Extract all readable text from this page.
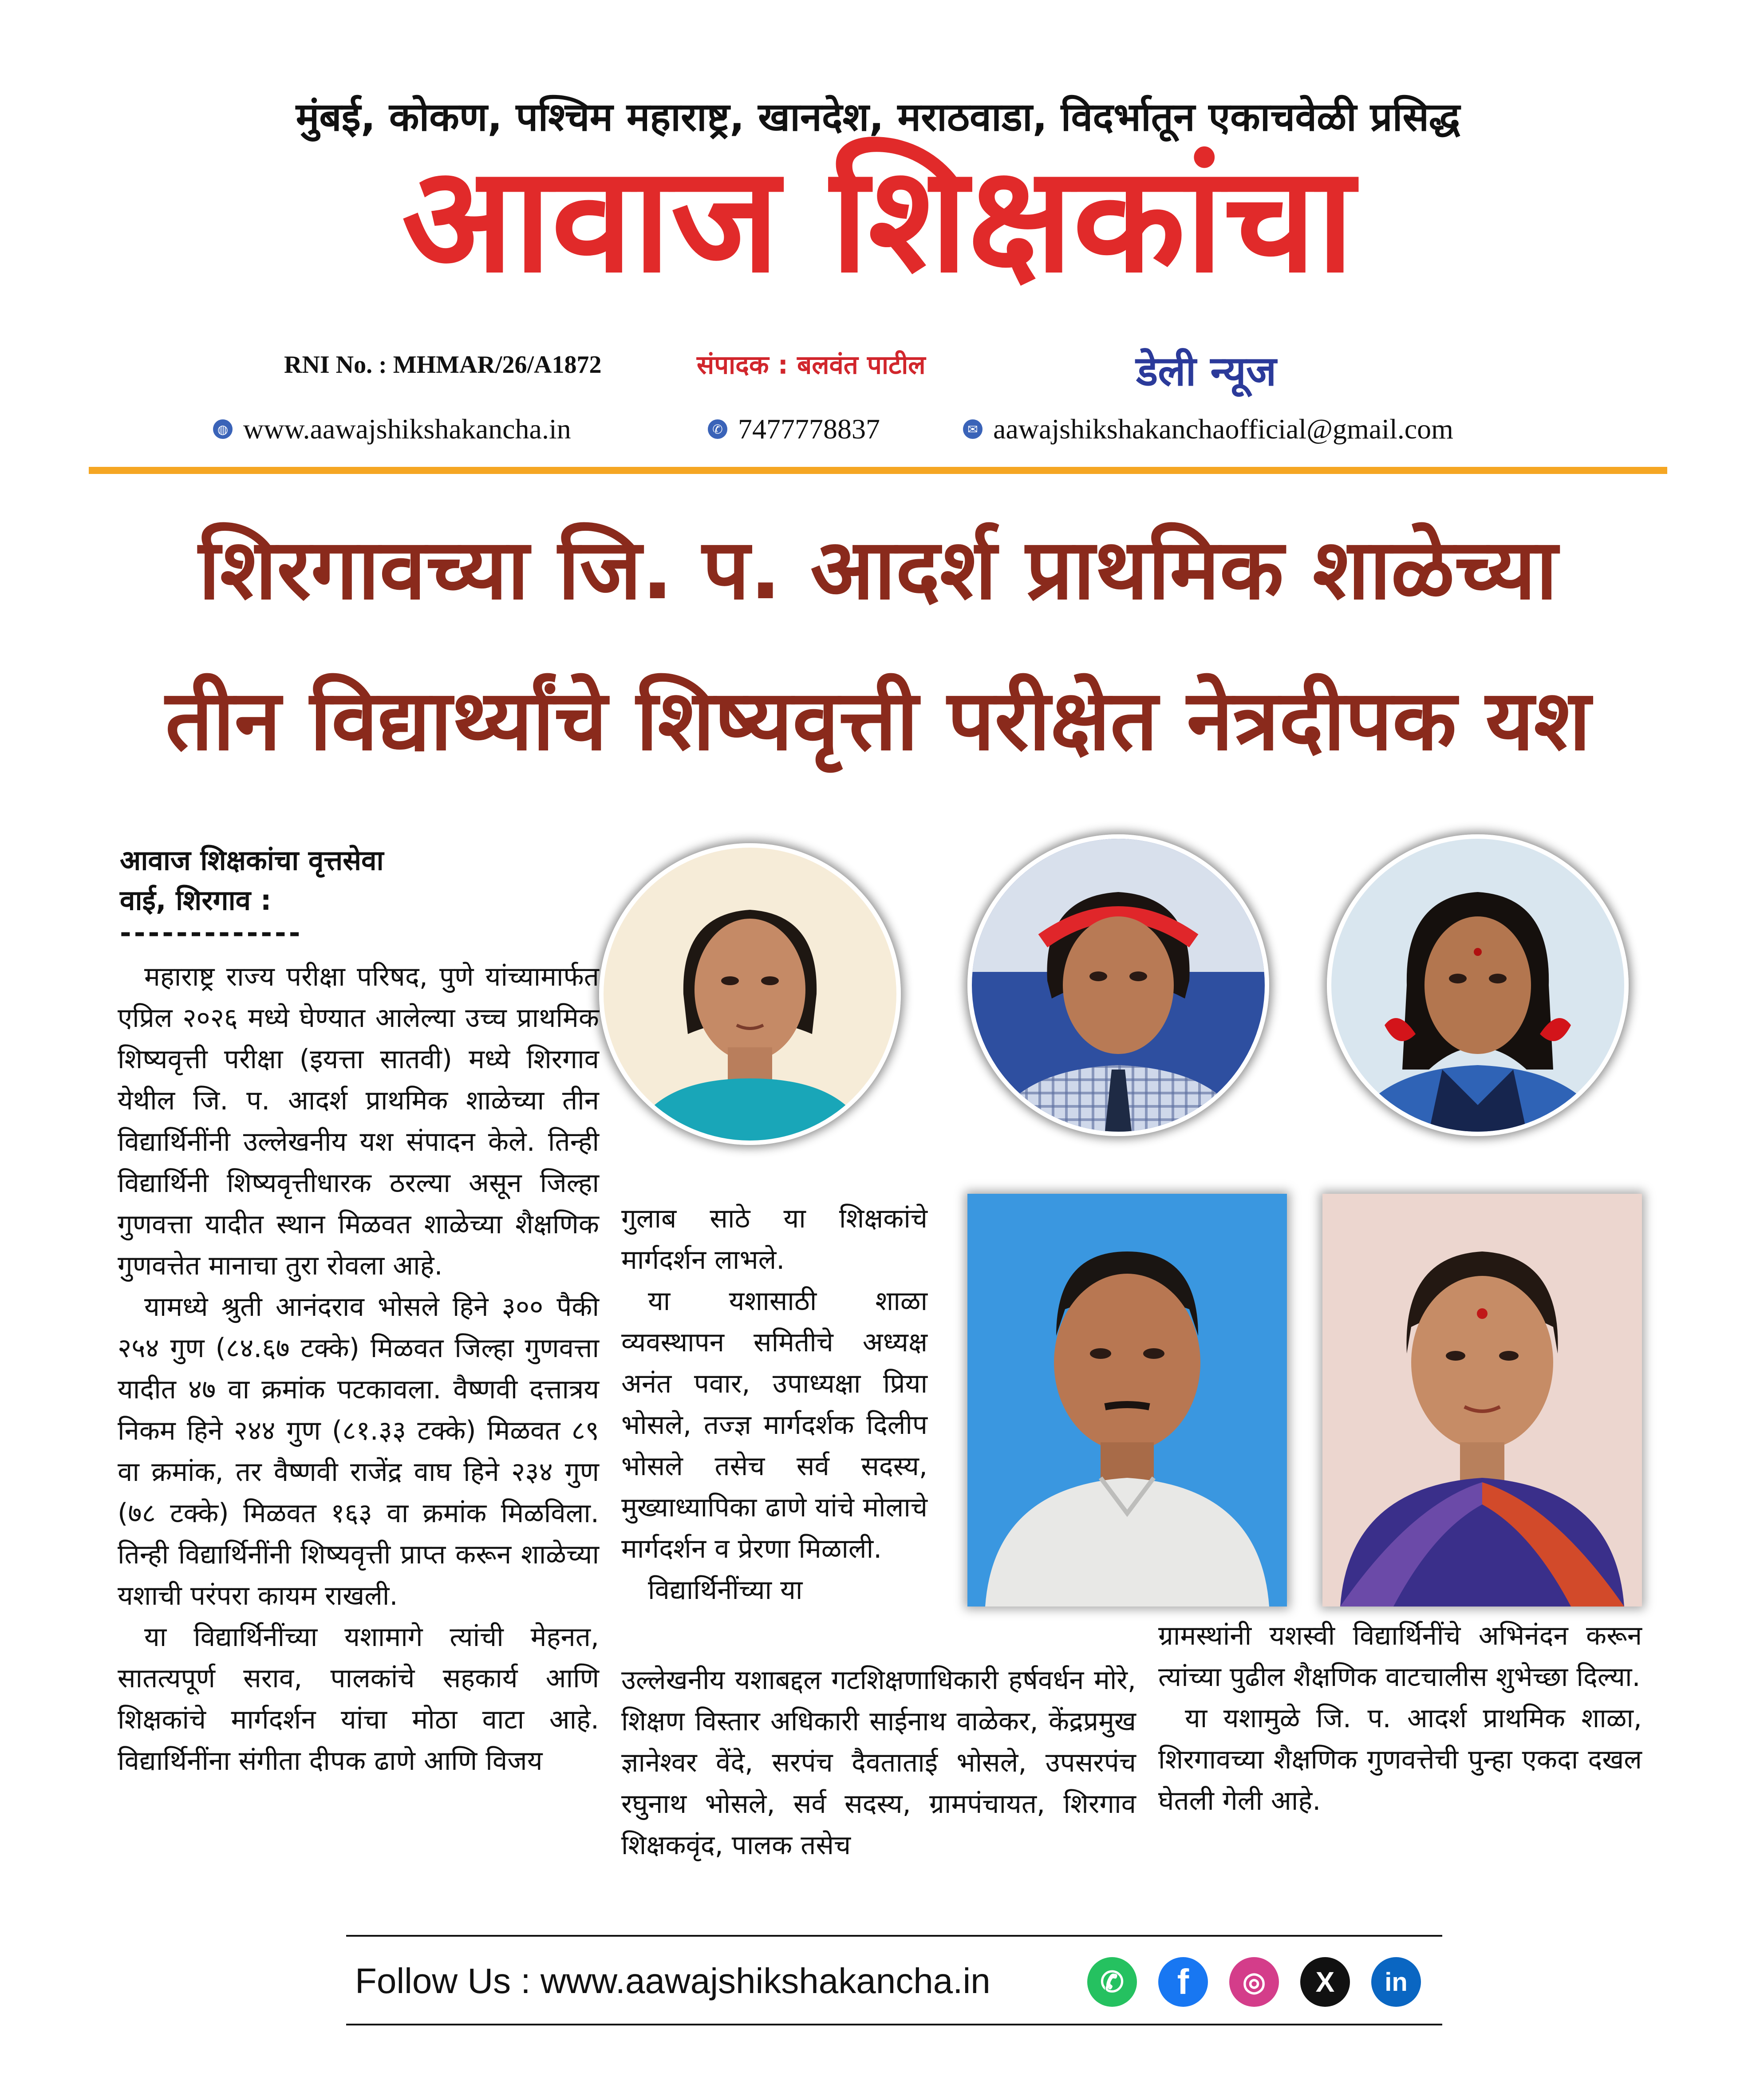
मुंबई, कोकण, पश्चिम महाराष्ट्र, खानदेश, मराठवाडा, विदर्भातून एकाचवेळी प्रसिद्ध
आवाज शिक्षकांचा
RNI No. : MHMAR/26/A1872	संपादक : बलवंत पाटील	डेली न्यूज
◍ www.aawajshikshakancha.in	✆ 7477778837	✉ aawajshikshakanchaofficial@gmail.com
शिरगावच्या जि. प. आदर्श प्राथमिक शाळेच्या
तीन विद्यार्थ्यांचे शिष्यवृत्ती परीक्षेत नेत्रदीपक यश
आवाज शिक्षकांचा वृत्तसेवा
वाई, शिरगाव :
-------------

महाराष्ट्र राज्य परीक्षा परिषद, पुणे यांच्यामार्फत एप्रिल २०२६ मध्ये घेण्यात आलेल्या उच्च प्राथमिक शिष्यवृत्ती परीक्षा (इयत्ता सातवी) मध्ये शिरगाव येथील जि. प. आदर्श प्राथमिक शाळेच्या तीन विद्यार्थिनींनी उल्लेखनीय यश संपादन केले. तिन्ही विद्यार्थिनी शिष्यवृत्तीधारक ठरल्या असून जिल्हा गुणवत्ता यादीत स्थान मिळवत शाळेच्या शैक्षणिक गुणवत्तेत मानाचा तुरा रोवला आहे.

यामध्ये श्रुती आनंदराव भोसले हिने ३०० पैकी २५४ गुण (८४.६७ टक्के) मिळवत जिल्हा गुणवत्ता यादीत ४७ वा क्रमांक पटकावला. वैष्णवी दत्तात्रय निकम हिने २४४ गुण (८१.३३ टक्के) मिळवत ८९ वा क्रमांक, तर वैष्णवी राजेंद्र वाघ हिने २३४ गुण (७८ टक्के) मिळवत १६३ वा क्रमांक मिळविला. तिन्ही विद्यार्थिनींनी शिष्यवृत्ती प्राप्त करून शाळेच्या यशाची परंपरा कायम राखली.

या विद्यार्थिनींच्या यशामागे त्यांची मेहनत, सातत्यपूर्ण सराव, पालकांचे सहकार्य आणि शिक्षकांचे मार्गदर्शन यांचा मोठा वाटा आहे. विद्यार्थिनींना संगीता दीपक ढाणे आणि विजय

गुलाब साठे या शिक्षकांचे मार्गदर्शन लाभले.

या यशासाठी शाळा व्यवस्थापन समितीचे अध्यक्ष अनंत पवार, उपाध्यक्षा प्रिया भोसले, तज्ज्ञ मार्गदर्शक दिलीप भोसले तसेच सर्व सदस्य, मुख्याध्यापिका ढाणे यांचे मोलाचे मार्गदर्शन व प्रेरणा मिळाली.

विद्यार्थिनींच्या या

उल्लेखनीय यशाबद्दल गटशिक्षणाधिकारी हर्षवर्धन मोरे, शिक्षण विस्तार अधिकारी साईनाथ वाळेकर, केंद्रप्रमुख ज्ञानेश्वर वेंदे, सरपंच दैवताताई भोसले, उपसरपंच रघुनाथ भोसले, सर्व सदस्य, ग्रामपंचायत, शिरगाव शिक्षकवृंद, पालक तसेच

ग्रामस्थांनी यशस्वी विद्यार्थिनींचे अभिनंदन करून त्यांच्या पुढील शैक्षणिक वाटचालीस शुभेच्छा दिल्या.

या यशामुळे जि. प. आदर्श प्राथमिक शाळा, शिरगावच्या शैक्षणिक गुणवत्तेची पुन्हा एकदा दखल घेतली गेली आहे.

Follow Us : www.aawajshikshakancha.in	✆	f	◎	X	in
